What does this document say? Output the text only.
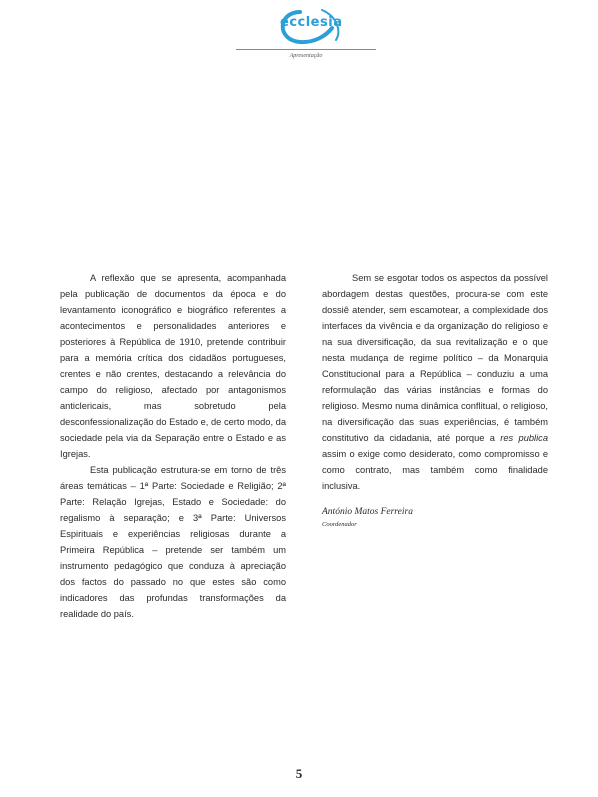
ecclesia
Apresentação

A reflexão que se apresenta, acompanhada pela publicação de documentos da época e do levantamento iconográfico e biográfico referentes a acontecimentos e personalidades anteriores e posteriores à República de 1910, pretende contribuir para a memória crítica dos cidadãos portugueses, crentes e não crentes, destacando a relevância do campo do religioso, afectado por antagonismos anticlericais, mas sobretudo pela desconfessionalização do Estado e, de certo modo, da sociedade pela via da Separação entre o Estado e as Igrejas.

Esta publicação estrutura-se em torno de três áreas temáticas – 1ª Parte: Sociedade e Religião; 2ª Parte: Relação Igrejas, Estado e Sociedade: do regalismo à separação; e 3ª Parte: Universos Espirituais e experiências religiosas durante a Primeira República – pretende ser também um instrumento pedagógico que conduza à apreciação dos factos do passado no que estes são como indicadores das profundas transformações da realidade do país.

Sem se esgotar todos os aspectos da possível abordagem destas questões, procura-se com este dossiê atender, sem escamotear, a complexidade dos interfaces da vivência e da organização do religioso e na sua diversificação, da sua revitalização e o que nesta mudança de regime político – da Monarquia Constitucional para a República – conduziu a uma reformulação das várias instâncias e formas do religioso. Mesmo numa dinâmica conflitual, o religioso, na diversificação das suas experiências, é também constitutivo da cidadania, até porque a res publica assim o exige como desiderato, como compromisso e como contrato, mas também como finalidade inclusiva.

António Matos Ferreira
Coordenador
5
